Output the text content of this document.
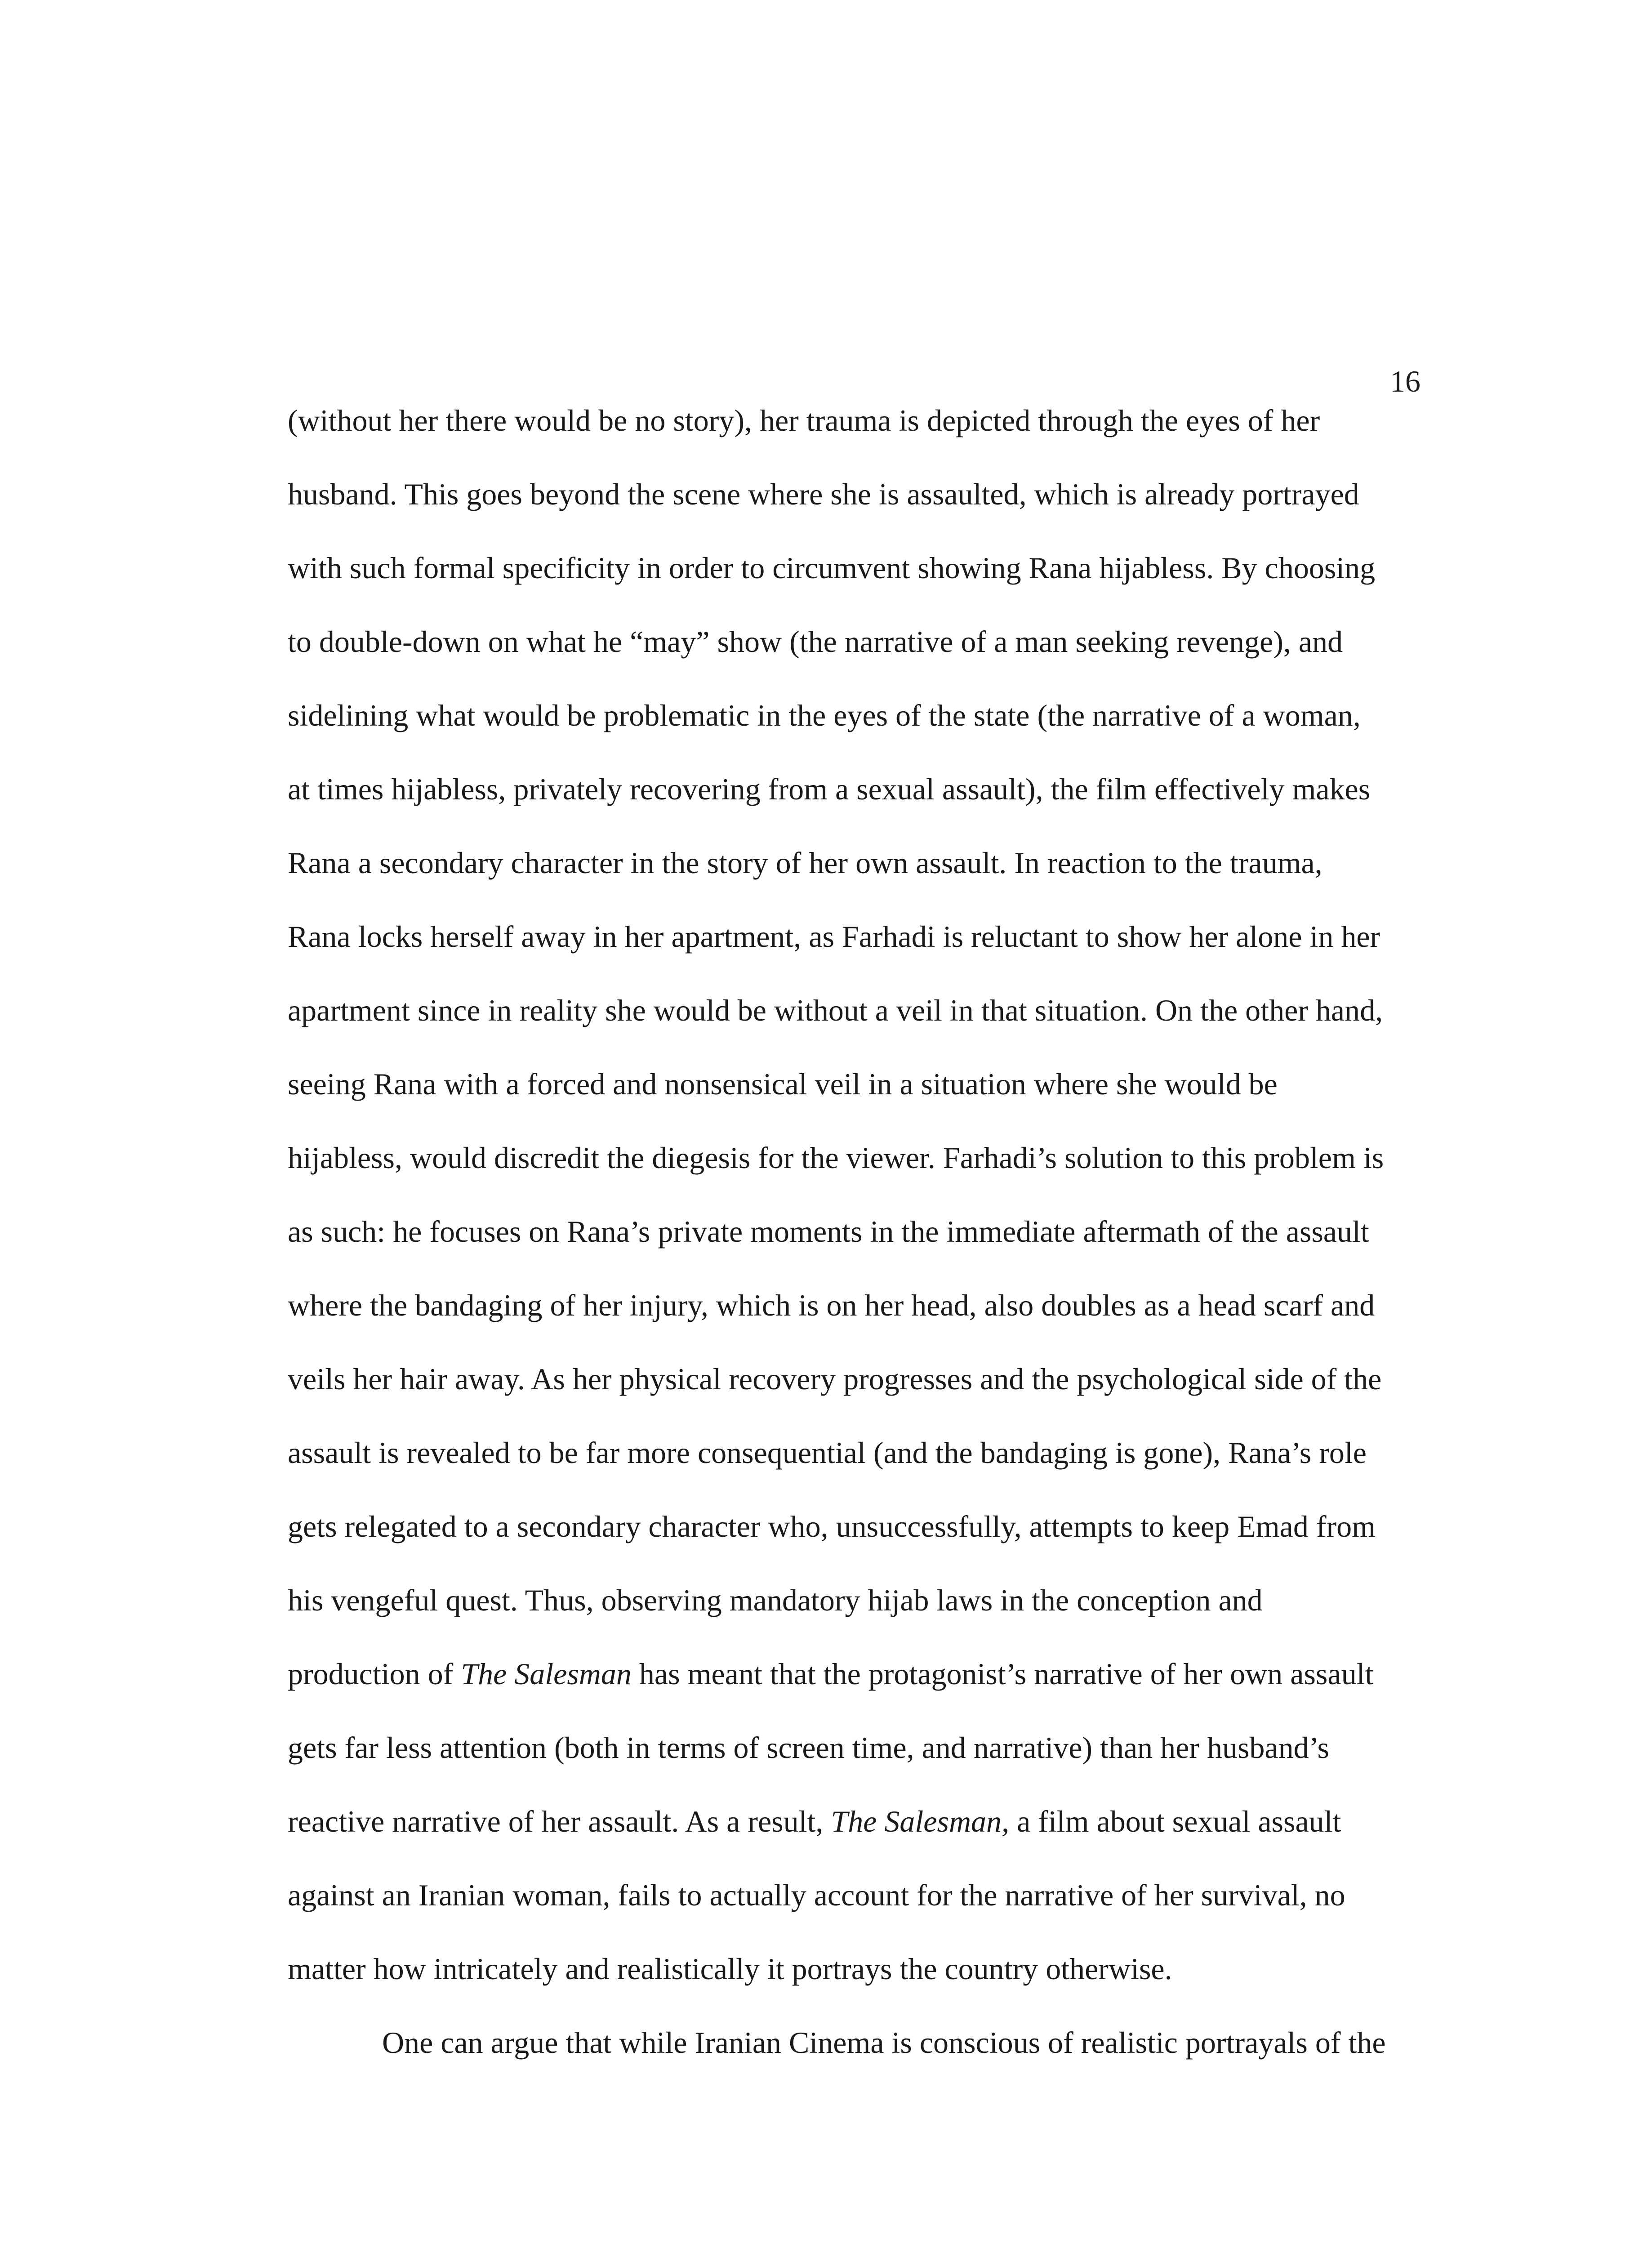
16
(without her there would be no story), her trauma is depicted through the eyes of her
husband. This goes beyond the scene where she is assaulted, which is already portrayed
with such formal specificity in order to circumvent showing Rana hijabless. By choosing
to double-down on what he “may” show (the narrative of a man seeking revenge), and
sidelining what would be problematic in the eyes of the state (the narrative of a woman,
at times hijabless, privately recovering from a sexual assault), the film effectively makes
Rana a secondary character in the story of her own assault. In reaction to the trauma,
Rana locks herself away in her apartment, as Farhadi is reluctant to show her alone in her
apartment since in reality she would be without a veil in that situation. On the other hand,
seeing Rana with a forced and nonsensical veil in a situation where she would be
hijabless, would discredit the diegesis for the viewer. Farhadi’s solution to this problem is
as such: he focuses on Rana’s private moments in the immediate aftermath of the assault
where the bandaging of her injury, which is on her head, also doubles as a head scarf and
veils her hair away. As her physical recovery progresses and the psychological side of the
assault is revealed to be far more consequential (and the bandaging is gone), Rana’s role
gets relegated to a secondary character who, unsuccessfully, attempts to keep Emad from
his vengeful quest. Thus, observing mandatory hijab laws in the conception and
production of The Salesman has meant that the protagonist’s narrative of her own assault
gets far less attention (both in terms of screen time, and narrative) than her husband’s
reactive narrative of her assault. As a result, The Salesman, a film about sexual assault
against an Iranian woman, fails to actually account for the narrative of her survival, no
matter how intricately and realistically it portrays the country otherwise.
One can argue that while Iranian Cinema is conscious of realistic portrayals of the
